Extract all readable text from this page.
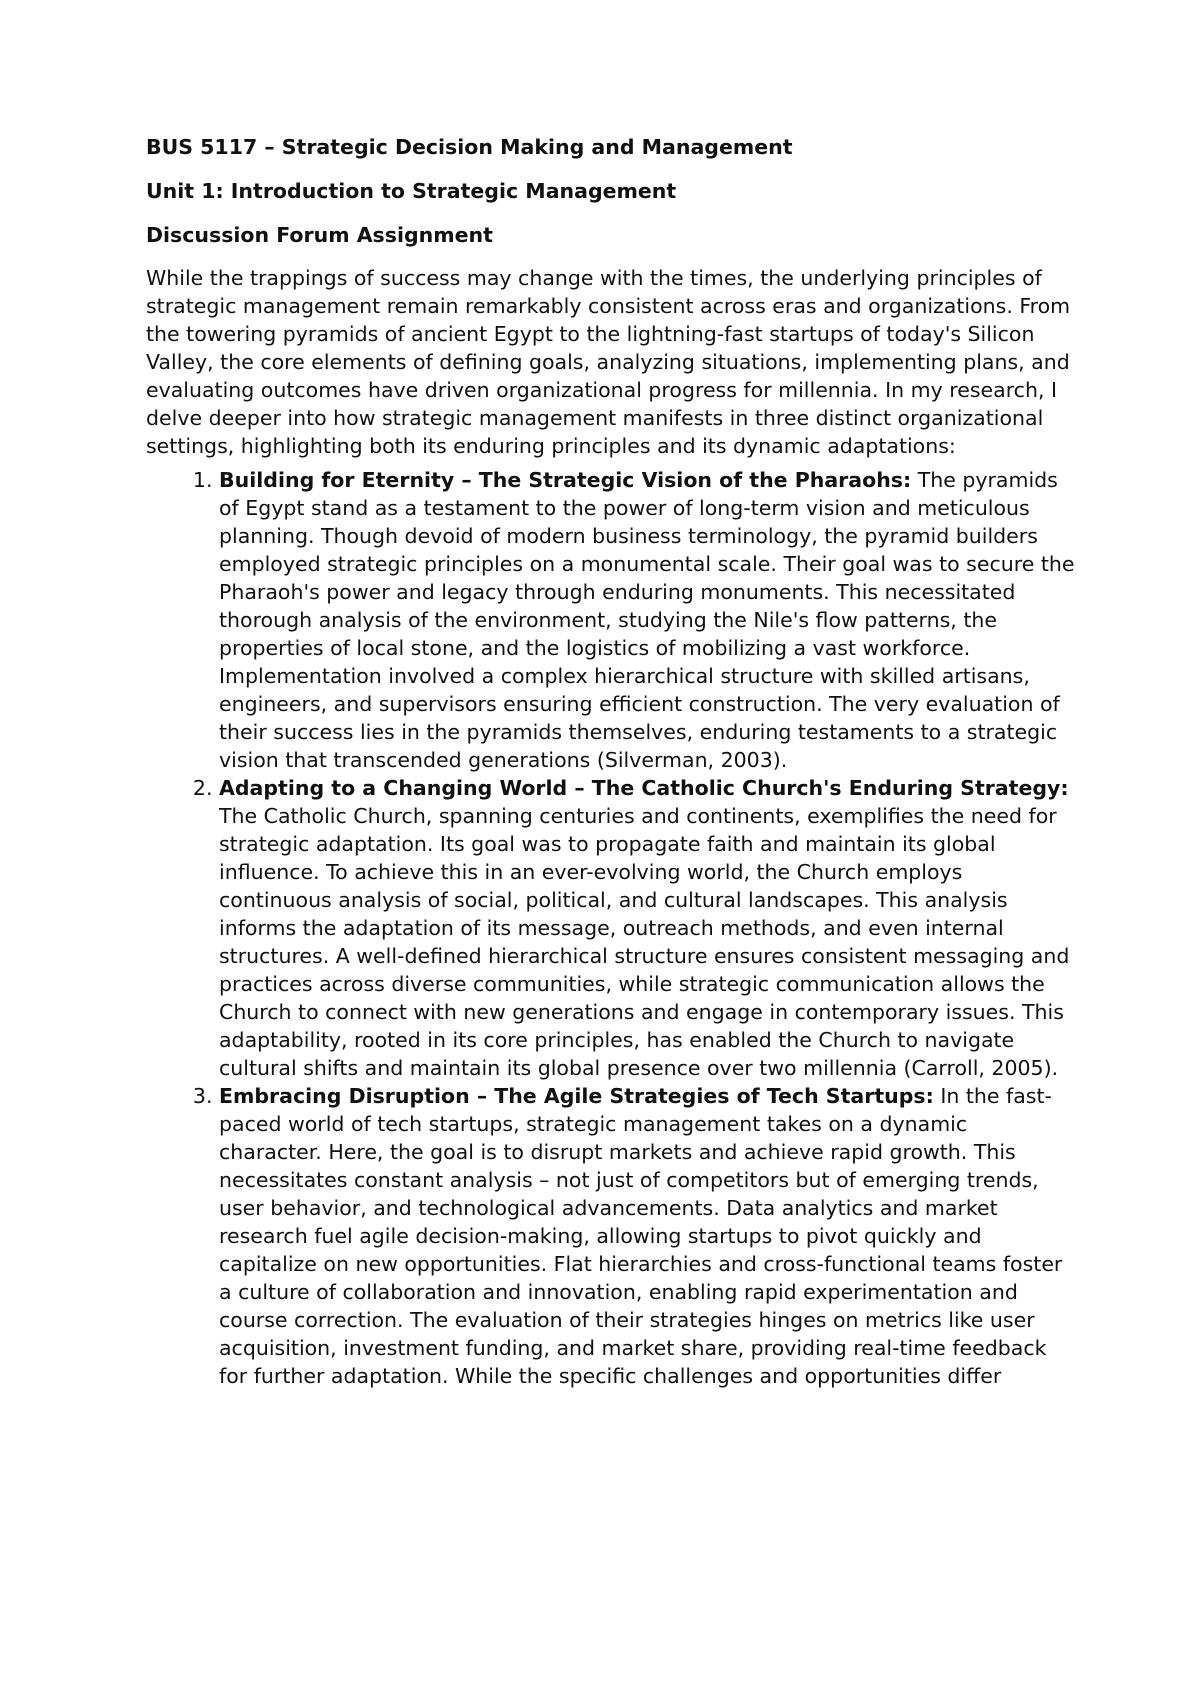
BUS 5117 – Strategic Decision Making and Management

Unit 1: Introduction to Strategic Management

Discussion Forum Assignment

While the trappings of success may change with the times, the underlying principles of strategic management remain remarkably consistent across eras and organizations. From the towering pyramids of ancient Egypt to the lightning-fast startups of today's Silicon Valley, the core elements of defining goals, analyzing situations, implementing plans, and evaluating outcomes have driven organizational progress for millennia. In my research, I delve deeper into how strategic management manifests in three distinct organizational settings, highlighting both its enduring principles and its dynamic adaptations:

1. Building for Eternity – The Strategic Vision of the Pharaohs: The pyramids of Egypt stand as a testament to the power of long-term vision and meticulous planning. Though devoid of modern business terminology, the pyramid builders employed strategic principles on a monumental scale. Their goal was to secure the Pharaoh's power and legacy through enduring monuments. This necessitated thorough analysis of the environment, studying the Nile's flow patterns, the properties of local stone, and the logistics of mobilizing a vast workforce. Implementation involved a complex hierarchical structure with skilled artisans, engineers, and supervisors ensuring efficient construction. The very evaluation of their success lies in the pyramids themselves, enduring testaments to a strategic vision that transcended generations (Silverman, 2003).
2. Adapting to a Changing World – The Catholic Church's Enduring Strategy: The Catholic Church, spanning centuries and continents, exemplifies the need for strategic adaptation. Its goal was to propagate faith and maintain its global influence. To achieve this in an ever-evolving world, the Church employs continuous analysis of social, political, and cultural landscapes. This analysis informs the adaptation of its message, outreach methods, and even internal structures. A well-defined hierarchical structure ensures consistent messaging and practices across diverse communities, while strategic communication allows the Church to connect with new generations and engage in contemporary issues. This adaptability, rooted in its core principles, has enabled the Church to navigate cultural shifts and maintain its global presence over two millennia (Carroll, 2005).
3. Embracing Disruption – The Agile Strategies of Tech Startups: In the fast-paced world of tech startups, strategic management takes on a dynamic character. Here, the goal is to disrupt markets and achieve rapid growth. This necessitates constant analysis – not just of competitors but of emerging trends, user behavior, and technological advancements. Data analytics and market research fuel agile decision-making, allowing startups to pivot quickly and capitalize on new opportunities. Flat hierarchies and cross-functional teams foster a culture of collaboration and innovation, enabling rapid experimentation and course correction. The evaluation of their strategies hinges on metrics like user acquisition, investment funding, and market share, providing real-time feedback for further adaptation. While the specific challenges and opportunities differ
